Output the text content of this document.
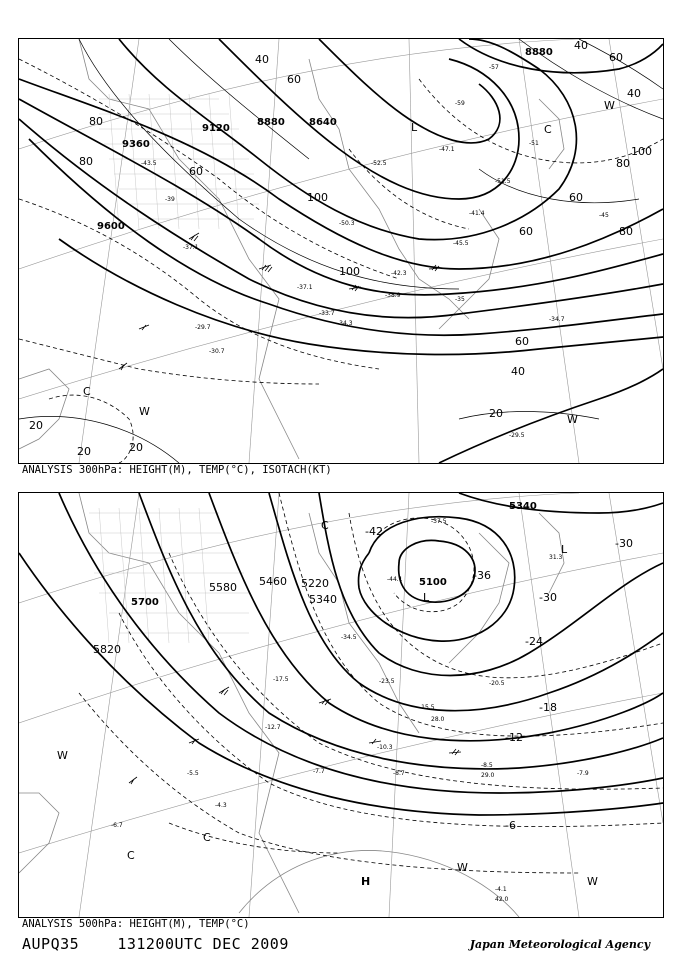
8880
9120
8880 8640
9360
9600
40
60
80
100
60
80
100
80
100
60
60
60
40
20
20
20	20
40
60
80
40
-59
-57
-51
-47.1
-52.5
-51.5
-50.3
-45.5
-42.3
-37.1
-34.3
-33.7
-30.7
-29.7
-29.5
-39
-45
-43.5
-37.1
-34.7
-35
-38.9
-41.4
C
W
C
W
L
W
ANALYSIS 300hPa: HEIGHT(M), TEMP(°C), ISOTACH(KT)
5340
5100
5220
5340
5460
5580
5700
5820
-42
-36
-30
-24
-18
-12
-6
-30
-44.1
-37.5
-34.5
-23.5	-20.5
-17.5
-15.5
-12.7
-10.3
-8.7
-8.5
-7.9
-7.7
-5.5
-4.1
-4.3
-6.7
31.3
29.0
28.0
42.0
C
L
L
W
C
C
W
H	W
ANALYSIS 500hPa: HEIGHT(M), TEMP(°C)
AUPQ35	131200UTC DEC 2009	Japan Meteorological Agency
